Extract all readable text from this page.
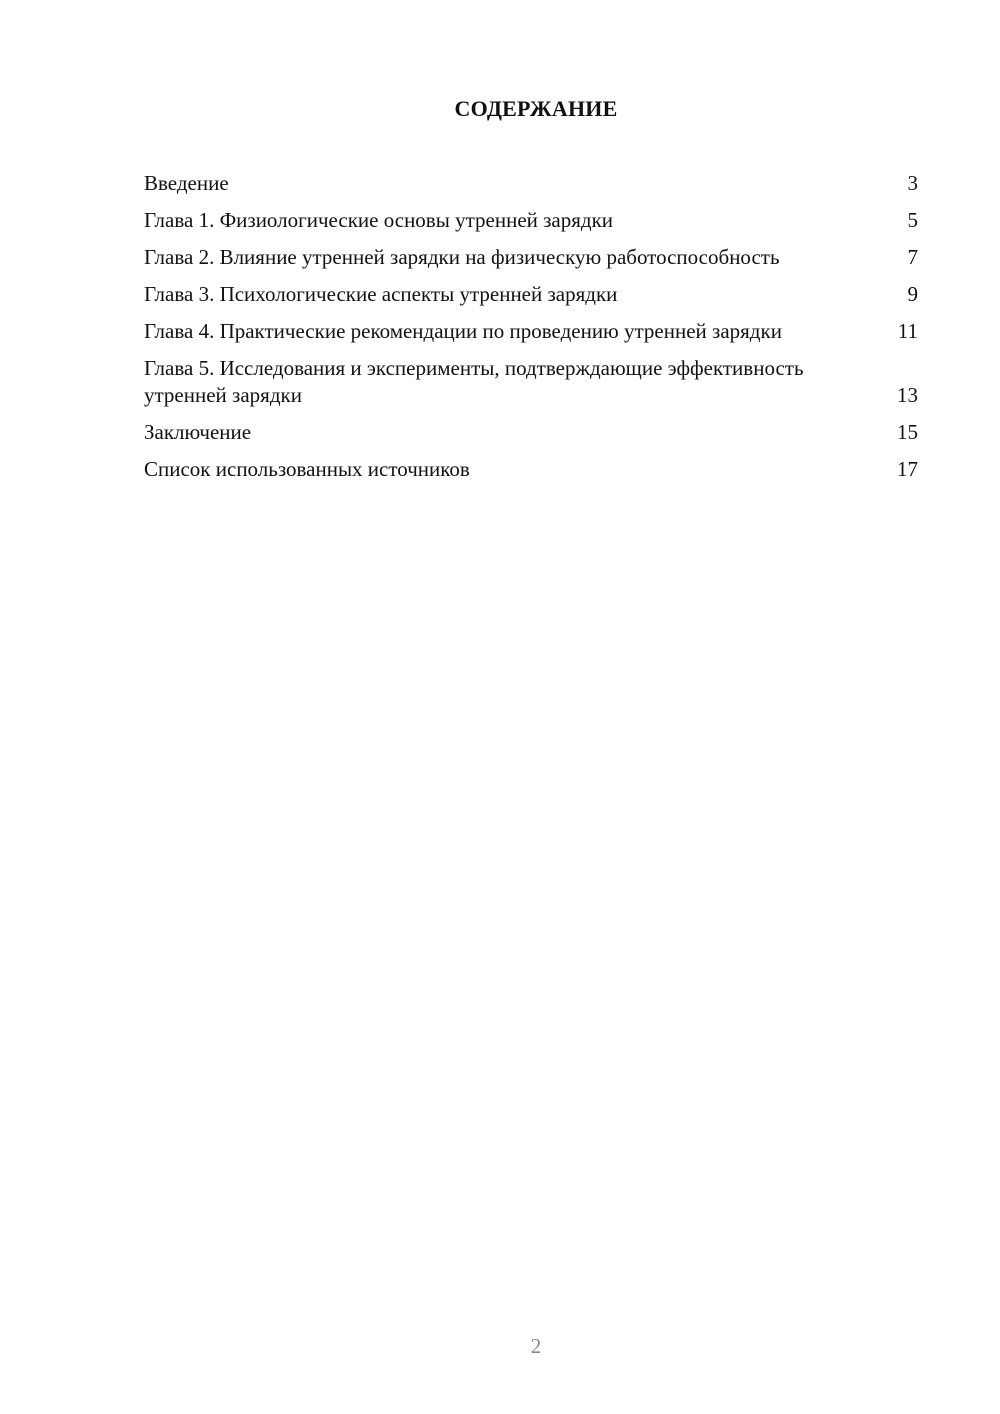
СОДЕРЖАНИЕ
Введение	3
Глава 1. Физиологические основы утренней зарядки	5
Глава 2. Влияние утренней зарядки на физическую работоспособность	7
Глава 3. Психологические аспекты утренней зарядки	9
Глава 4. Практические рекомендации по проведению утренней зарядки	11
Глава 5. Исследования и эксперименты, подтверждающие эффективность утренней зарядки	13
Заключение	15
Список использованных источников	17
2
